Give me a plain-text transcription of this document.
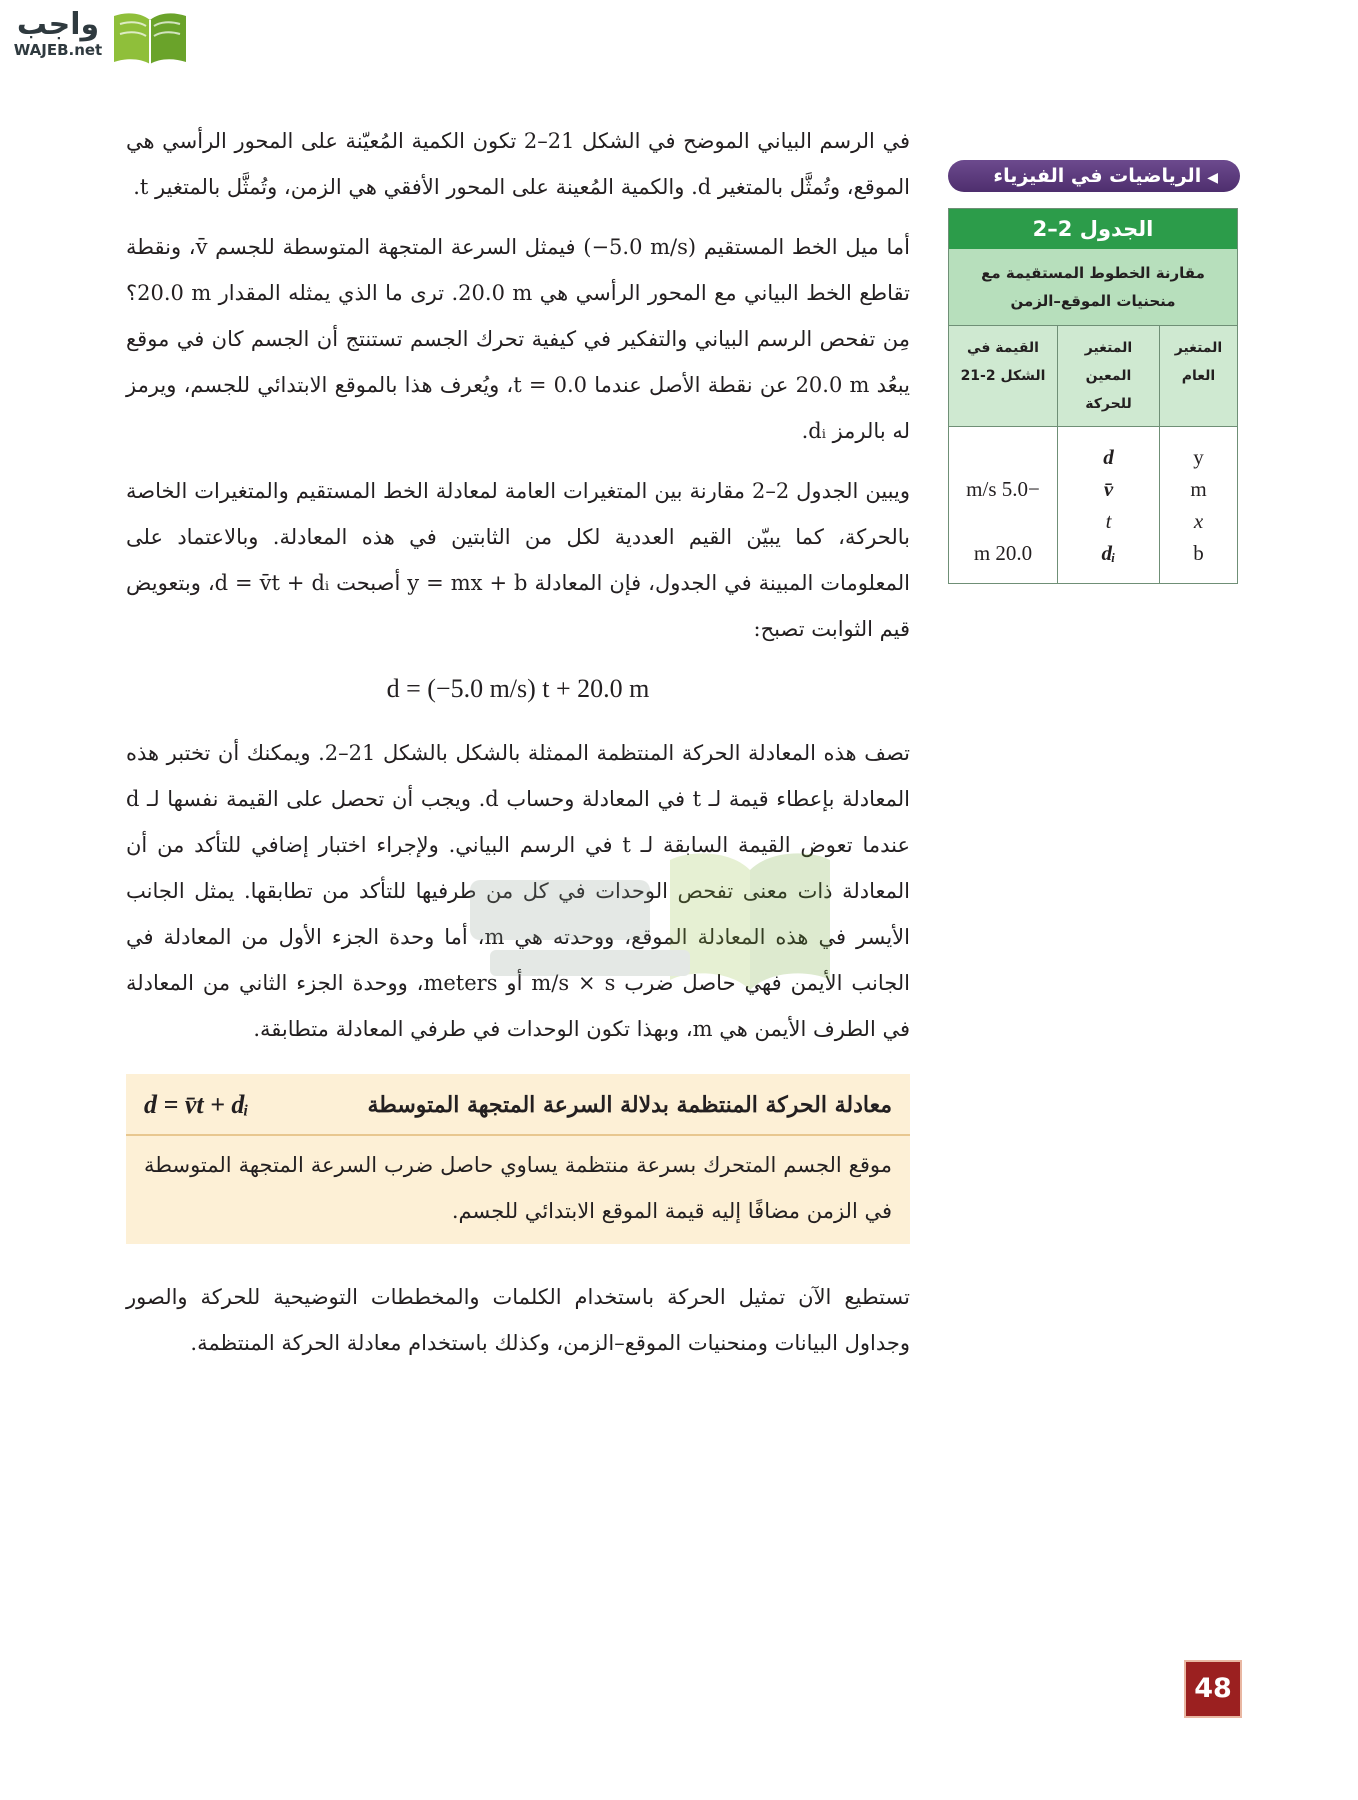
واجب
WAJEB.net

في الرسم البياني الموضح في الشكل 21–2 تكون الكمية المُعيّنة على المحور الرأسي هي الموقع، وتُمثَّل بالمتغير d. والكمية المُعينة على المحور الأفقي هي الزمن، وتُمثَّل بالمتغير t.

أما ميل الخط المستقيم (‎−5.0 m/s‎) فيمثل السرعة المتجهة المتوسطة للجسم v̄، ونقطة تقاطع الخط البياني مع المحور الرأسي هي ‎20.0 m‎. ترى ما الذي يمثله المقدار ‎20.0 m‎؟ مِن تفحص الرسم البياني والتفكير في كيفية تحرك الجسم تستنتج أن الجسم كان في موقع يبعُد ‎20.0 m‎ عن نقطة الأصل عندما ‎t = 0.0‎، ويُعرف هذا بالموقع الابتدائي للجسم، ويرمز له بالرمز dᵢ.

ويبين الجدول 2–2 مقارنة بين المتغيرات العامة لمعادلة الخط المستقيم والمتغيرات الخاصة بالحركة، كما يبيّن القيم العددية لكل من الثابتين في هذه المعادلة. وبالاعتماد على المعلومات المبينة في الجدول، فإن المعادلة ‎y = mx + b‎ أصبحت ‎d = v̄t + dᵢ‎، وبتعويض قيم الثوابت تصبح:

d = (−5.0 m/s) t + 20.0 m

تصف هذه المعادلة الحركة المنتظمة الممثلة بالشكل بالشكل 21–2. ويمكنك أن تختبر هذه المعادلة بإعطاء قيمة لـ t في المعادلة وحساب d. ويجب أن تحصل على القيمة نفسها لـ d عندما تعوض القيمة السابقة لـ t في الرسم البياني. ولإجراء اختبار إضافي للتأكد من أن المعادلة ذات معنى تفحص الوحدات في كل من طرفيها للتأكد من تطابقها. يمثل الجانب الأيسر في هذه المعادلة الموقع، ووحدته هي m، أما وحدة الجزء الأول من المعادلة في الجانب الأيمن فهي حاصل ضرب ‎m/s × s‎ أو meters، ووحدة الجزء الثاني من المعادلة في الطرف الأيمن هي m، وبهذا تكون الوحدات في طرفي المعادلة متطابقة.

معادلة الحركة المنتظمة بدلالة السرعة المتجهة المتوسطة
d = v̄t + dᵢ
موقع الجسم المتحرك بسرعة منتظمة يساوي حاصل ضرب السرعة المتجهة المتوسطة في الزمن مضافًا إليه قيمة الموقع الابتدائي للجسم.

تستطيع الآن تمثيل الحركة باستخدام الكلمات والمخططات التوضيحية للحركة والصور وجداول البيانات ومنحنيات الموقع–الزمن، وكذلك باستخدام معادلة الحركة المنتظمة.

◀الرياضيات في الفيزياء
الجدول 2–2
مقارنة الخطوط المستقيمة مع منحنيات الموقع–الزمن
المتغير العام
المتغير المعين للحركة
القيمة في الشكل 2-21
y
m
x
b
d
v̄
t
dᵢ
−5.0 m/s
20.0 m
48
